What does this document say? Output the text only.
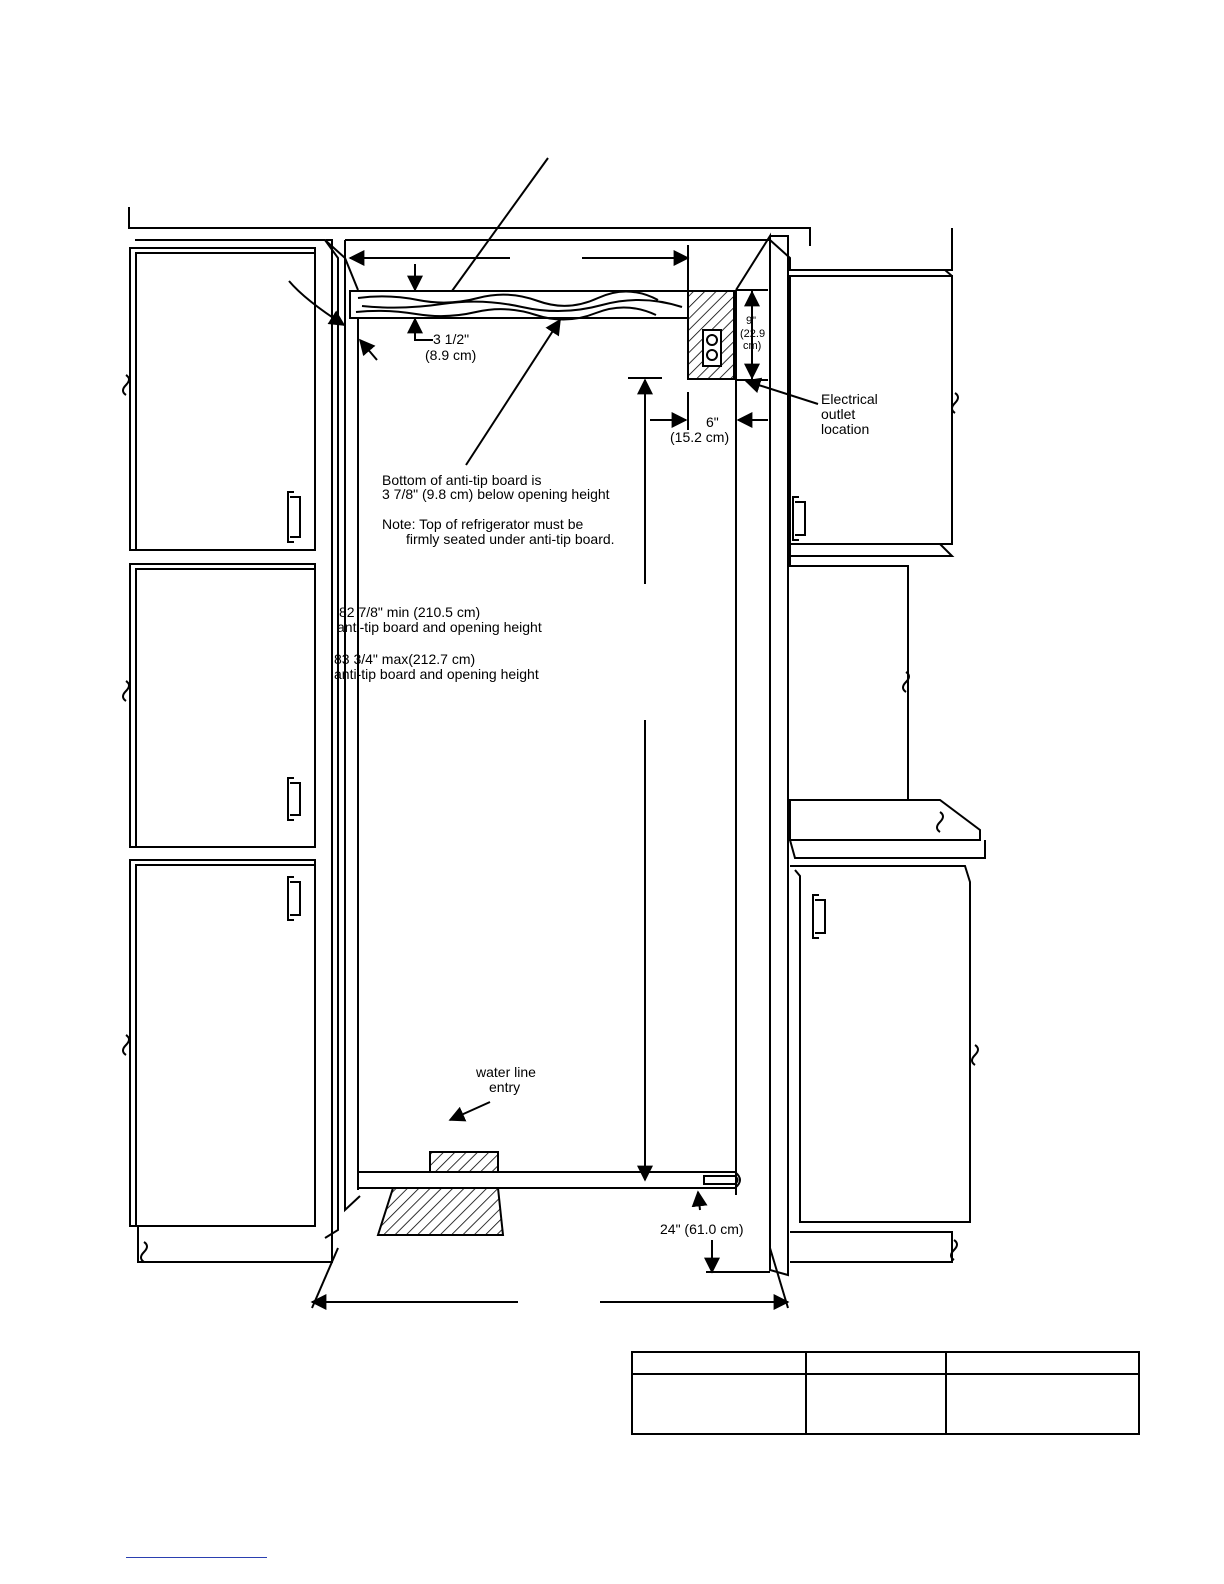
3 1/2"
(8.9 cm)
9"
(22.9
cm)
Electrical
outlet
location
6"
(15.2 cm)
Bottom of anti-tip board is
3 7/8" (9.8 cm) below opening height
Note: Top of refrigerator must be
firmly seated under anti-tip board.
82 7/8" min (210.5 cm)
anti-tip board and opening height
83 3/4" max(212.7 cm)
anti-tip board and opening height
water line
entry
24" (61.0 cm)
